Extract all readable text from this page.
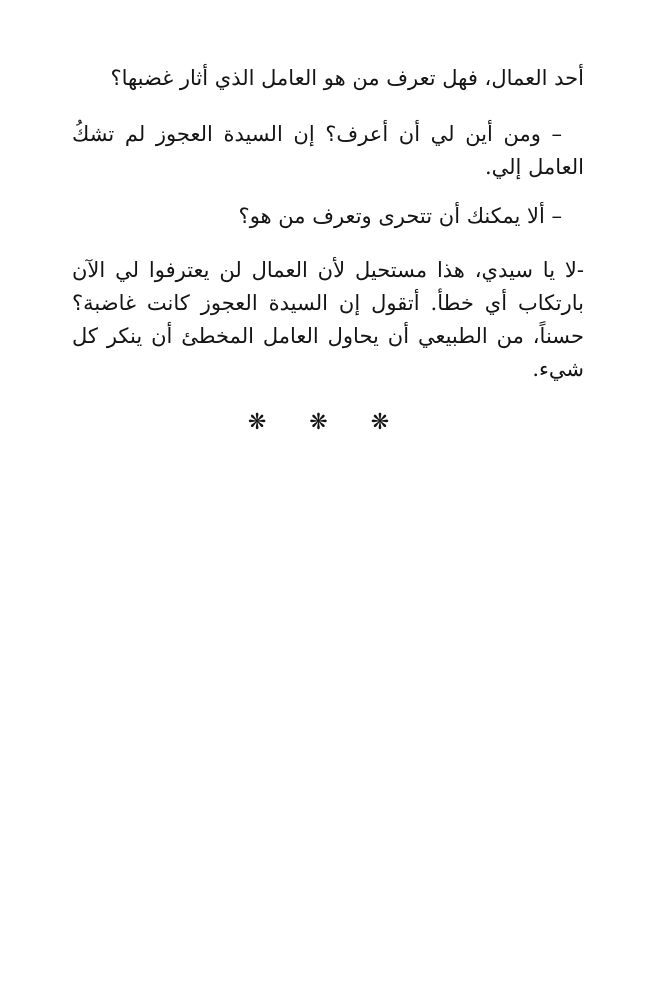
أحد العمال، فهل تعرف من هو العامل الذي أثار غضبها؟

– ومن أين لي أن أعرف؟ إن السيدة العجوز لم تشكُ العامل إلي.

– ألا يمكنك أن تتحرى وتعرف من هو؟

-لا يا سيدي، هذا مستحيل لأن العمال لن يعترفوا لي الآن بارتكاب أي خطأ. أتقول إن السيدة العجوز كانت غاضبة؟ حسناً، من الطبيعي أن يحاول العامل المخطئ أن ينكر كل شيء.

❋ ❋ ❋
